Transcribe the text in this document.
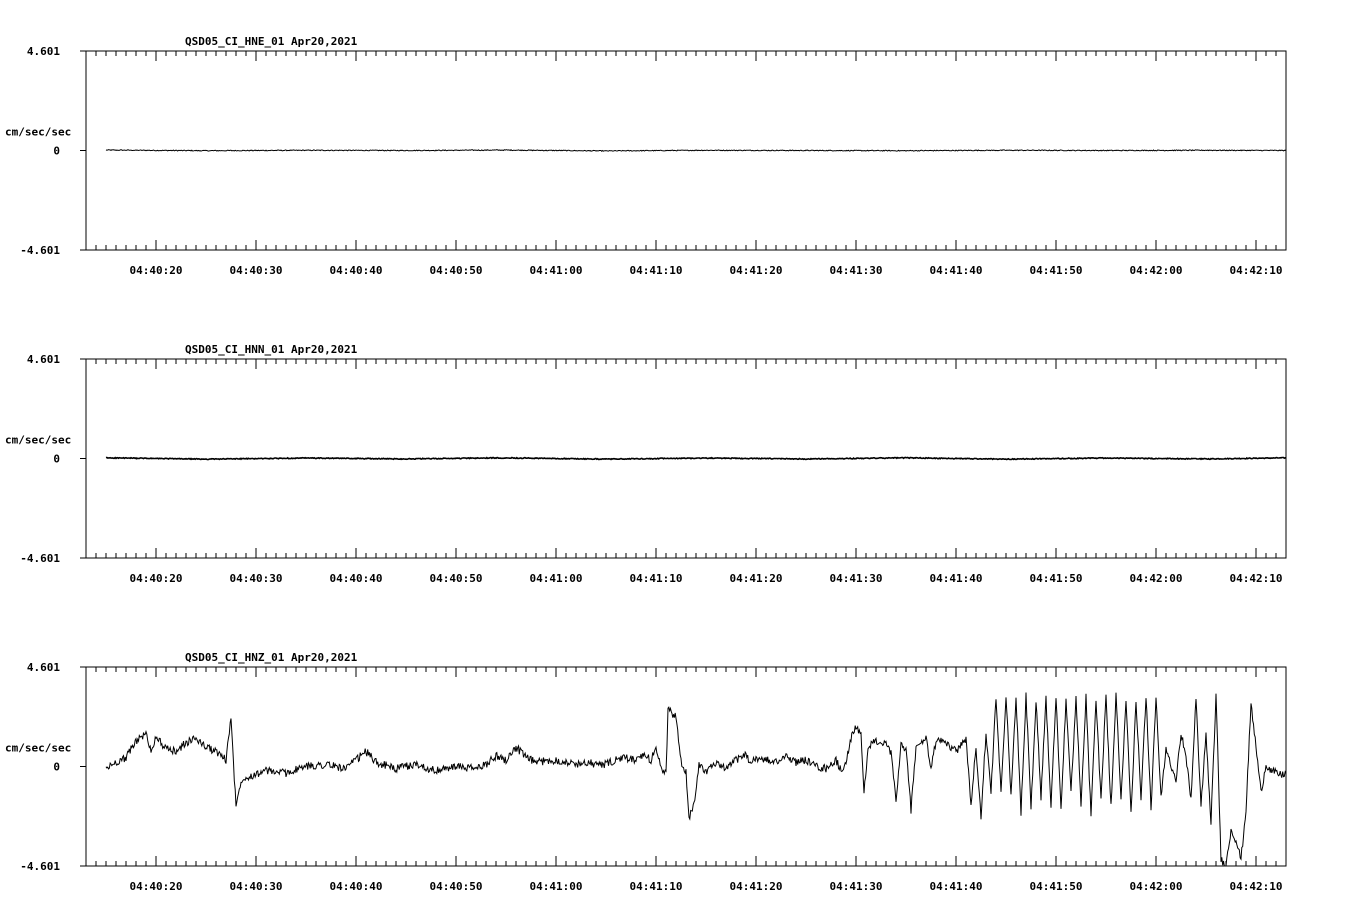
QSD05_CI_HNE_01 Apr20,2021
4.601
0
-4.601
cm/sec/sec
04:40:20	04:40:30	04:40:40	04:40:50	04:41:00	04:41:10	04:41:20	04:41:30	04:41:40	04:41:50	04:42:00	04:42:10
QSD05_CI_HNN_01 Apr20,2021
4.601
0
-4.601
cm/sec/sec
04:40:20	04:40:30	04:40:40	04:40:50	04:41:00	04:41:10	04:41:20	04:41:30	04:41:40	04:41:50	04:42:00	04:42:10
QSD05_CI_HNZ_01 Apr20,2021
4.601
0
-4.601
cm/sec/sec
04:40:20	04:40:30	04:40:40	04:40:50	04:41:00	04:41:10	04:41:20	04:41:30	04:41:40	04:41:50	04:42:00	04:42:10
